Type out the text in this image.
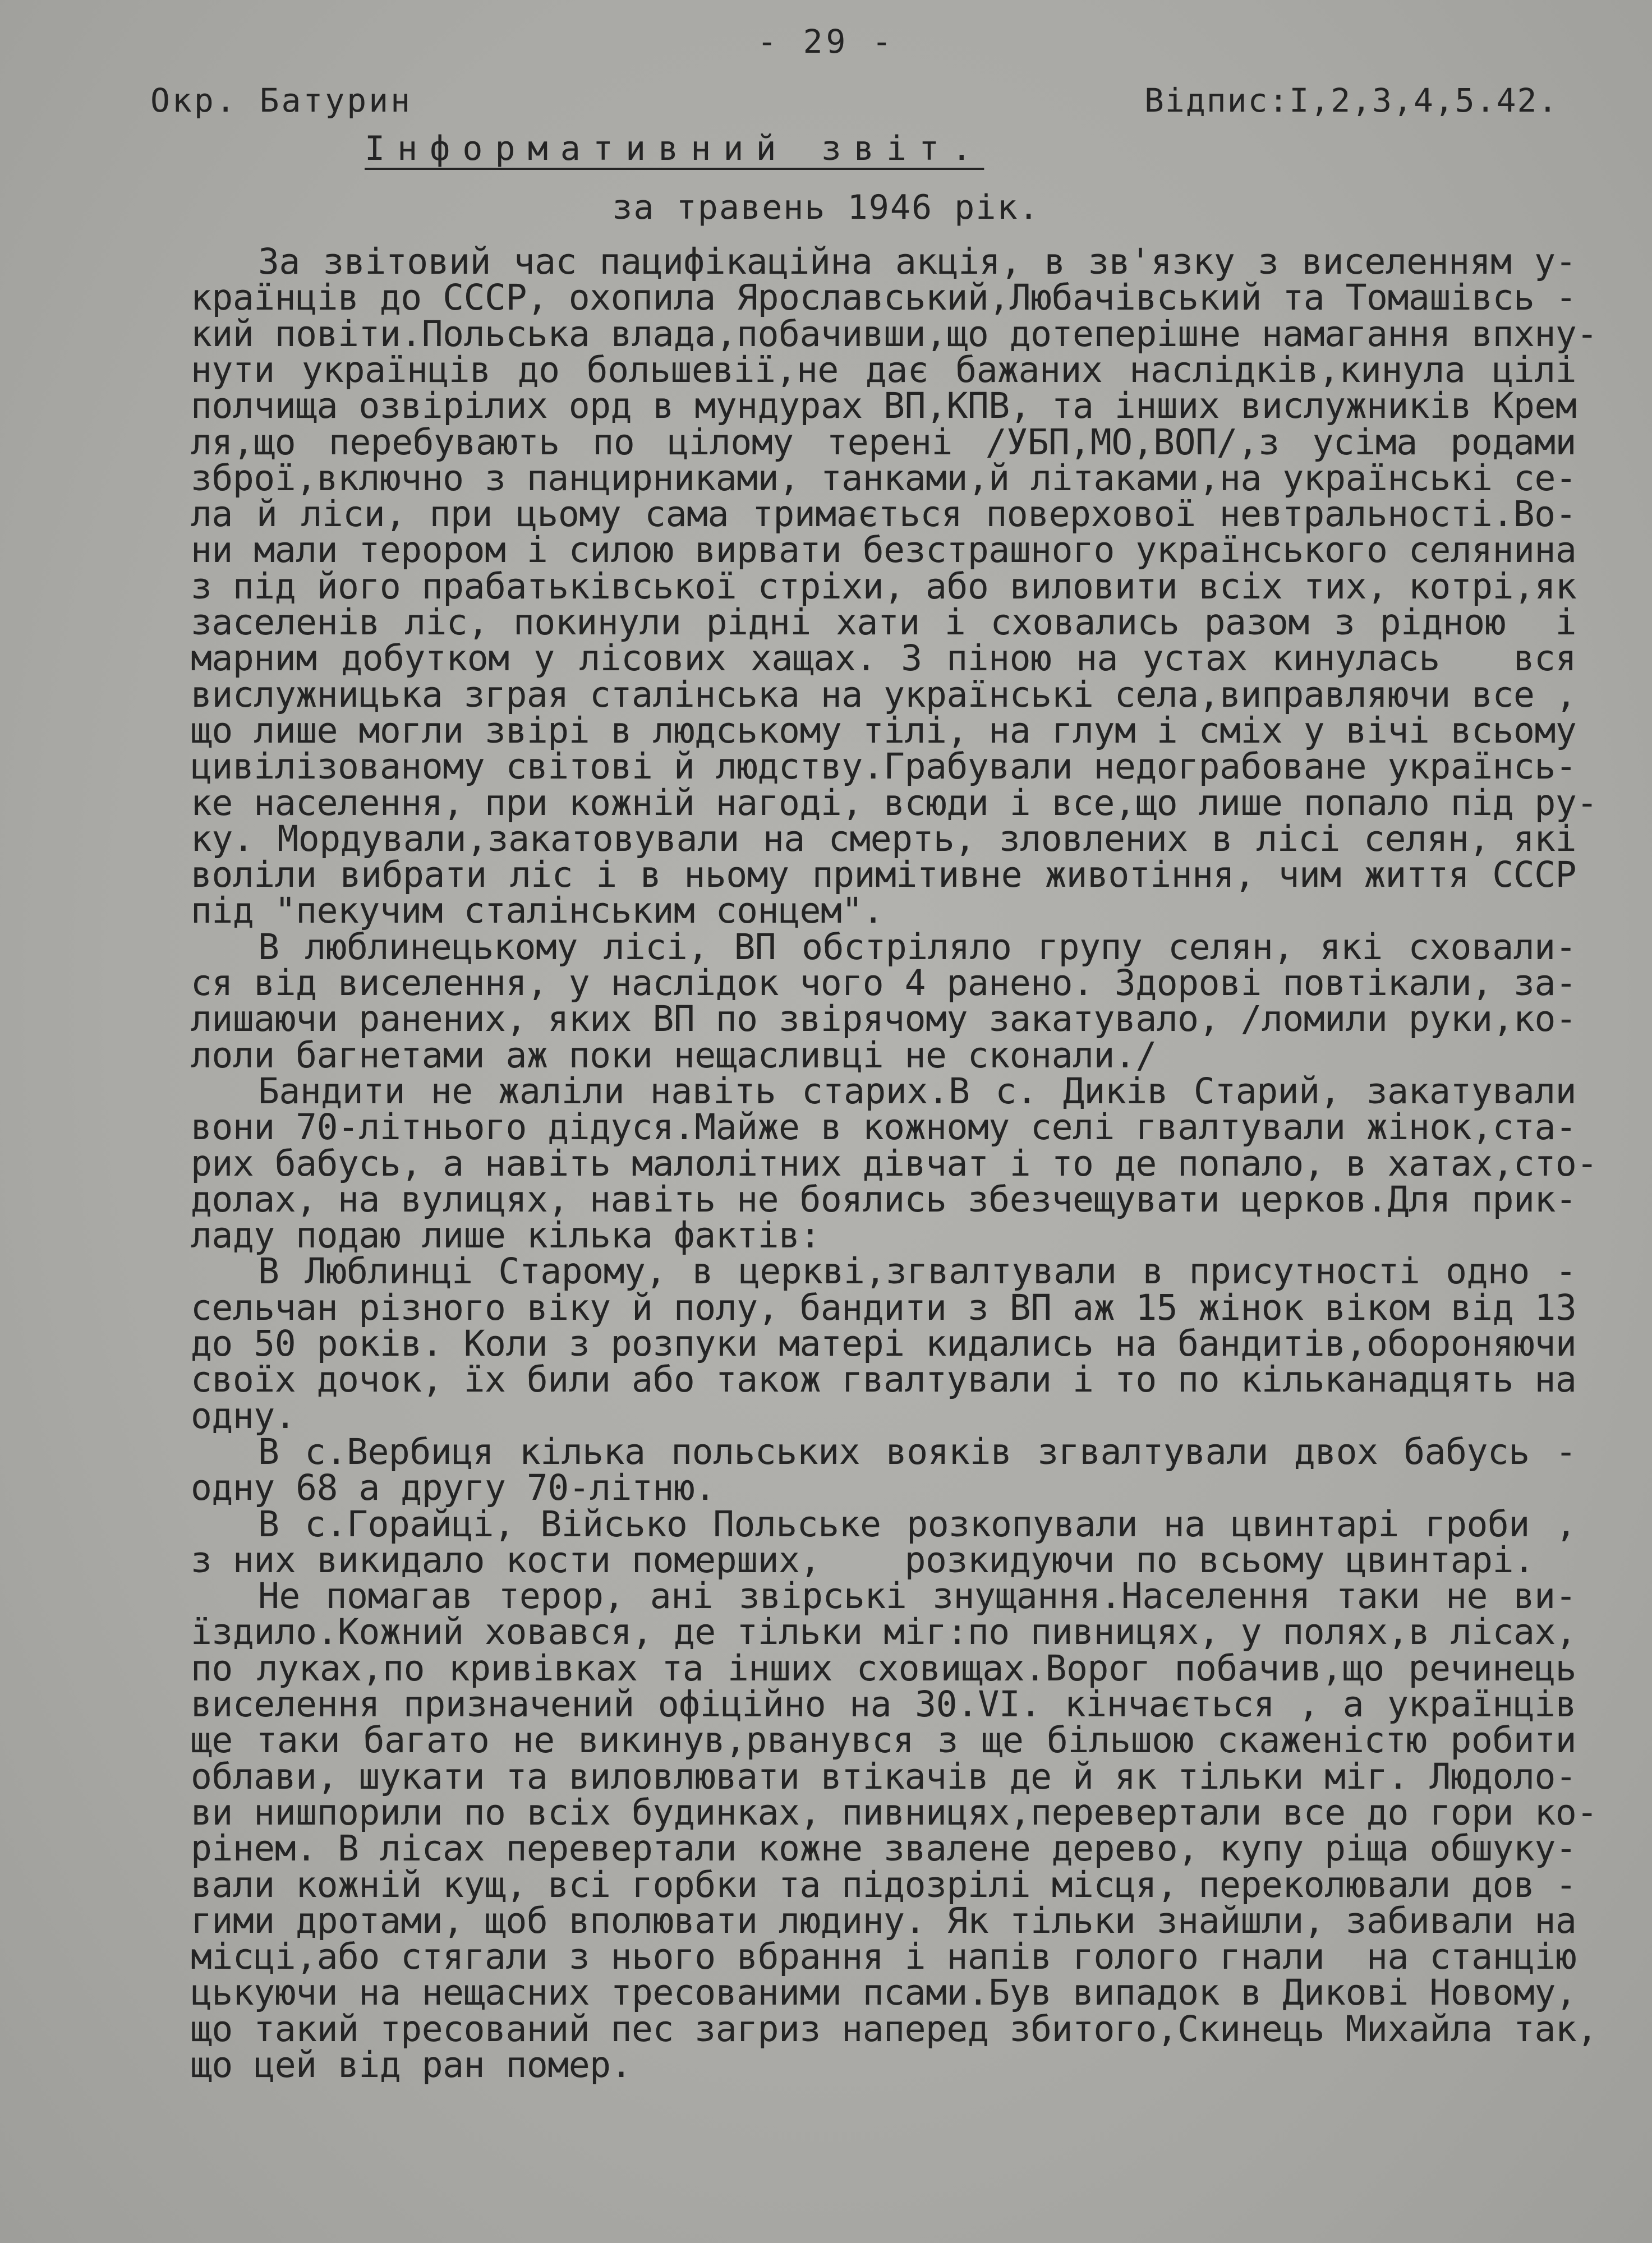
- 29 -
Окр. Батурин	Відпис:І,2,3,4,5.42.
Інформативний звіт.
за травень 1946 рік.
За звітовий час пацифікаційна акція, в зв'язку з виселенням у-
країнців до СССР, охопила Ярославський,Любачівський та Томашівсь -
кий повіти.Польська влада,побачивши,що дотеперішне намагання впхну-
нути українців до большевії,не дає бажаних наслідків,кинула цілі
полчища озвірілих орд в мундурах ВП,КПВ, та інших вислужників Крем
ля,що перебувають по цілому терені /УБП,МО,ВОП/,з усіма родами
зброї,включно з панцирниками, танками,й літаками,на українські се-
ла й ліси, при цьому сама тримається поверхової невтральності.Во-
ни мали терором і силою вирвати безстрашного українського селянина
з під його прабатьківської стріхи, або виловити всіх тих, котрі,як
заселенів ліс, покинули рідні хати і сховались разом з рідною  і
марним добутком у лісових хащах. З піною на устах кинулась   вся
вислужницька зграя сталінська на українські села,виправляючи все ,
що лише могли звірі в людському тілі, на глум і сміх у вічі всьому
цивілізованому світові й людству.Грабували недограбоване українсь-
ке населення, при кожній нагоді, всюди і все,що лише попало під ру-
ку. Мордували,закатовували на смерть, зловлених в лісі селян, які
воліли вибрати ліс і в ньому примітивне животіння, чим життя СССР
під "пекучим сталінським сонцем".
В люблинецькому лісі, ВП обстріляло групу селян, які сховали-
ся від виселення, у наслідок чого 4 ранено. Здорові повтікали, за-
лишаючи ранених, яких ВП по звірячому закатувало, /ломили руки,ко-
лоли багнетами аж поки нещасливці не сконали./
Бандити не жаліли навіть старих.В с. Диків Старий, закатували
вони 70-літнього дідуся.Майже в кожному селі гвалтували жінок,ста-
рих бабусь, а навіть малолітних дівчат і то де попало, в хатах,сто-
долах, на вулицях, навіть не боялись збезчещувати церков.Для прик-
ладу подаю лише кілька фактів:
В Люблинці Старому, в церкві,згвалтували в присутності одно -
сельчан різного віку й полу, бандити з ВП аж 15 жінок віком від 13
до 50 років. Коли з розпуки матері кидались на бандитів,обороняючи
своїх дочок, їх били або також гвалтували і то по кільканадцять на
одну.
В с.Вербиця кілька польських вояків згвалтували двох бабусь -
одну 68 а другу 70-літню.
В с.Горайці, Військо Польське розкопували на цвинтарі гроби ,
з них викидало кости померших,    розкидуючи по всьому цвинтарі.
Не помагав терор, ані звірські знущання.Населення таки не ви-
їздило.Кожний ховався, де тільки міг:по пивницях, у полях,в лісах,
по луках,по кривівках та інших сховищах.Ворог побачив,що речинець
виселення призначений офіційно на 30.VІ. кінчається , а українців
ще таки багато не викинув,рванувся з ще більшою скаженістю робити
облави, шукати та виловлювати втікачів де й як тільки міг. Людоло-
ви нишпорили по всіх будинках, пивницях,перевертали все до гори ко-
рінем. В лісах перевертали кожне звалене дерево, купу ріща обшуку-
вали кожній кущ, всі горбки та підозрілі місця, переколювали дов -
гими дротами, щоб вполювати людину. Як тільки знайшли, забивали на
місці,або стягали з нього вбрання і напів голого гнали  на станцію
цькуючи на нещасних тресованими псами.Був випадок в Дикові Новому,
що такий тресований пес загриз наперед збитого,Скинець Михайла так,
що цей від ран помер.
